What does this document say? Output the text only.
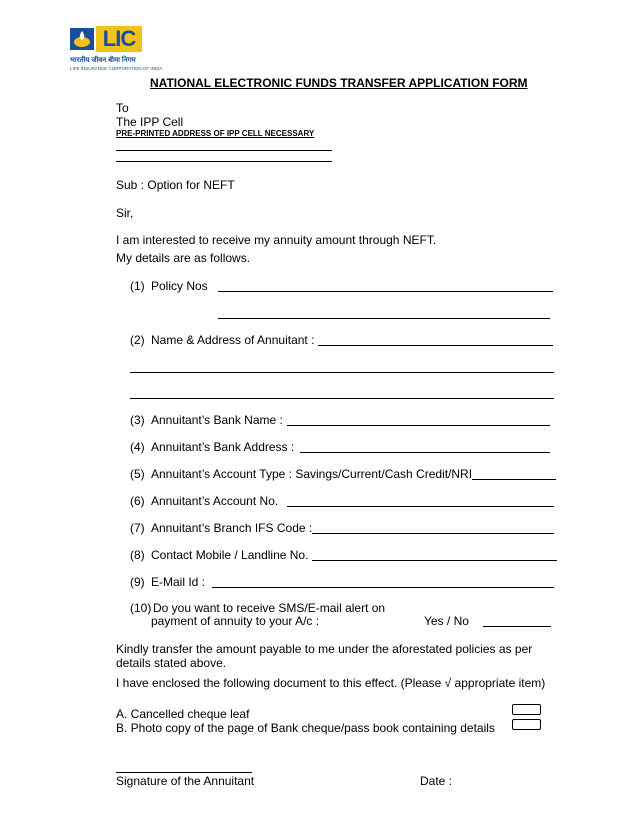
LIC
भारतीय जीवन बीमा निगम
LIFE INSURANCE CORPORATION OF INDIA
NATIONAL ELECTRONIC FUNDS TRANSFER APPLICATION FORM
To
The IPP Cell
PRE-PRINTED ADDRESS OF IPP CELL NECESSARY
Sub : Option for NEFT
Sir,
I am interested to receive my annuity amount through NEFT.
My details are as follows.
(1) Policy Nos
(2) Name & Address of Annuitant :
(3) Annuitant’s Bank Name :
(4) Annuitant’s Bank Address :
(5) Annuitant’s Account Type : Savings/Current/Cash Credit/NRI
(6) Annuitant’s Account No.
(7) Annuitant’s Branch IFS Code :
(8) Contact Mobile / Landline No.
(9) E-Mail Id :
(10) Do you want to receive SMS/E-mail alert on
payment of annuity to your A/c :	Yes / No
Kindly transfer the amount payable to me under the aforestated policies as per
details stated above.
I have enclosed the following document to this effect. (Please √ appropriate item)
A. Cancelled cheque leaf
B. Photo copy of the page of Bank cheque/pass book containing details
Signature of the Annuitant	Date :
